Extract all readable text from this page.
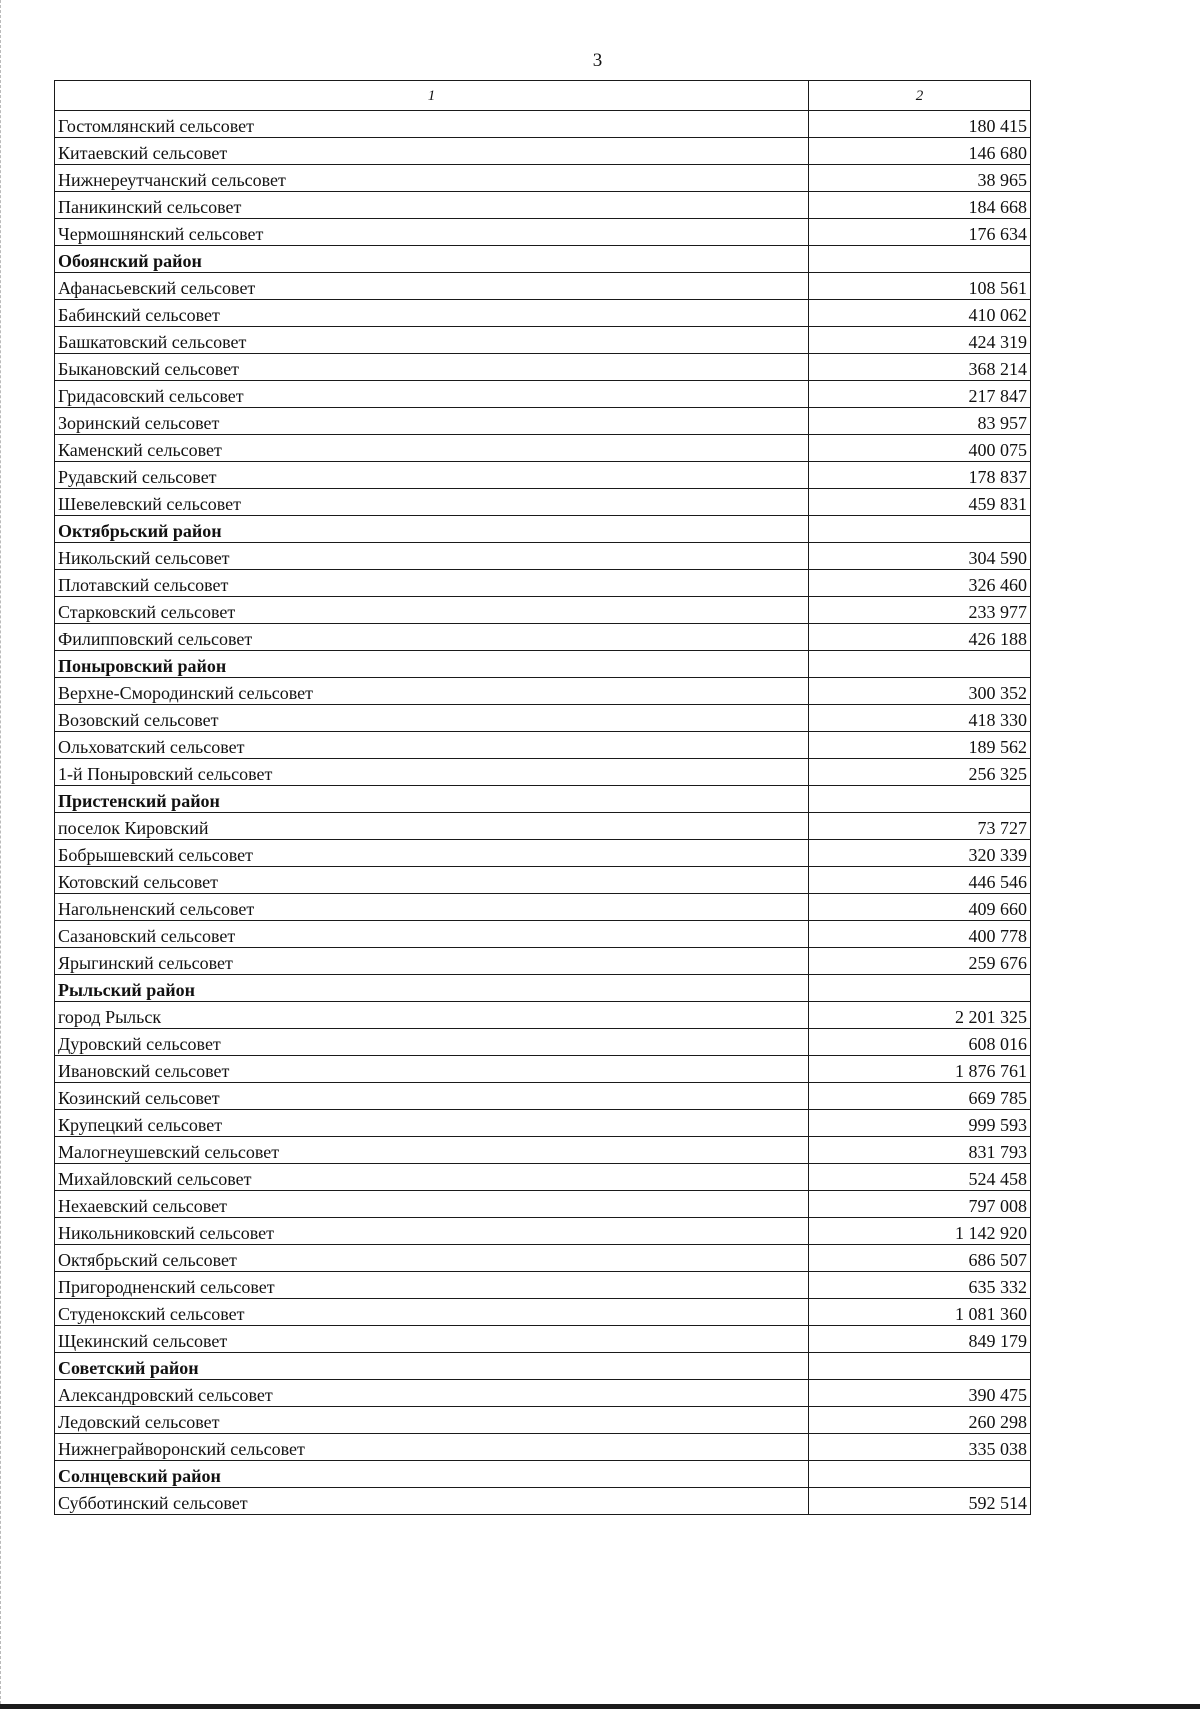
3
1	2
Гостомлянский сельсовет	180 415
Китаевский сельсовет	146 680
Нижнереутчанский сельсовет	38 965
Паникинский сельсовет	184 668
Чермошнянский сельсовет	176 634
Обоянский район	
Афанасьевский сельсовет	108 561
Бабинский сельсовет	410 062
Башкатовский сельсовет	424 319
Быкановский сельсовет	368 214
Гридасовский сельсовет	217 847
Зоринский сельсовет	83 957
Каменский сельсовет	400 075
Рудавский сельсовет	178 837
Шевелевский сельсовет	459 831
Октябрьский район	
Никольский сельсовет	304 590
Плотавский сельсовет	326 460
Старковский сельсовет	233 977
Филипповский сельсовет	426 188
Поныровский район	
Верхне-Смородинский сельсовет	300 352
Возовский сельсовет	418 330
Ольховатский сельсовет	189 562
1-й Поныровский сельсовет	256 325
Пристенский район	
поселок Кировский	73 727
Бобрышевский сельсовет	320 339
Котовский сельсовет	446 546
Нагольненский сельсовет	409 660
Сазановский сельсовет	400 778
Ярыгинский сельсовет	259 676
Рыльский район	
город Рыльск	2 201 325
Дуровский сельсовет	608 016
Ивановский сельсовет	1 876 761
Козинский сельсовет	669 785
Крупецкий сельсовет	999 593
Малогнеушевский сельсовет	831 793
Михайловский сельсовет	524 458
Нехаевский сельсовет	797 008
Никольниковский сельсовет	1 142 920
Октябрьский сельсовет	686 507
Пригородненский сельсовет	635 332
Студенокский сельсовет	1 081 360
Щекинский сельсовет	849 179
Советский район	
Александровский сельсовет	390 475
Ледовский сельсовет	260 298
Нижнеграйворонский сельсовет	335 038
Солнцевский район	
Субботинский сельсовет	592 514
